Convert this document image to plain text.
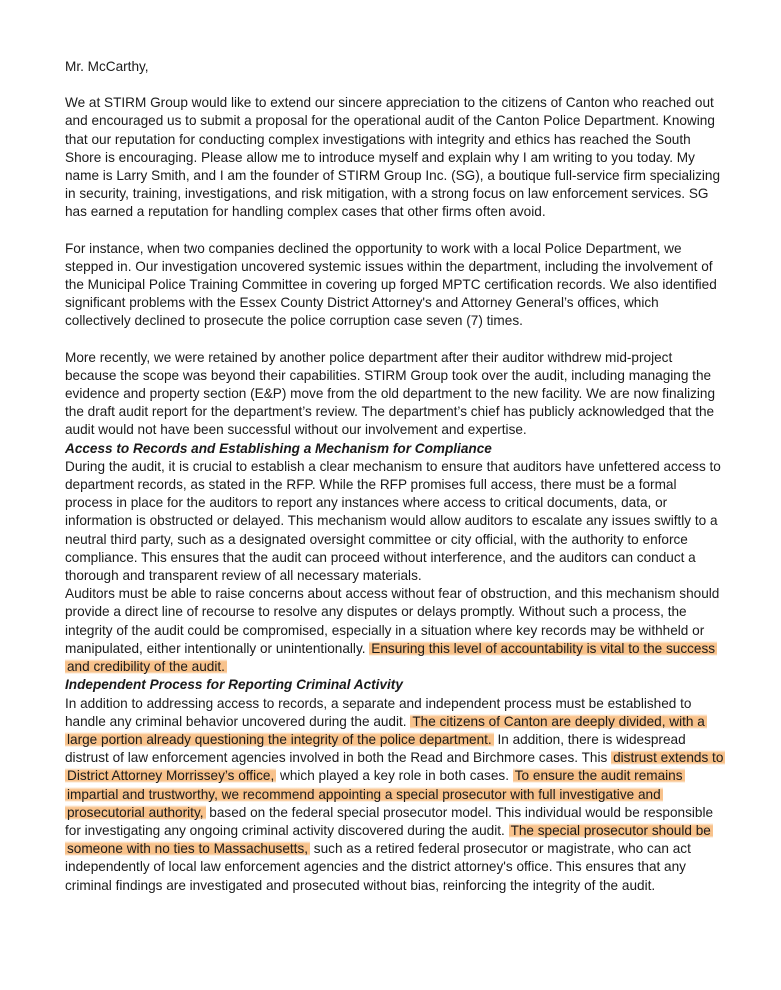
Mr. McCarthy,

We at STIRM Group would like to extend our sincere appreciation to the citizens of Canton who reached out and encouraged us to submit a proposal for the operational audit of the Canton Police Department. Knowing that our reputation for conducting complex investigations with integrity and ethics has reached the South Shore is encouraging. Please allow me to introduce myself and explain why I am writing to you today. My name is Larry Smith, and I am the founder of STIRM Group Inc. (SG), a boutique full-service firm specializing in security, training, investigations, and risk mitigation, with a strong focus on law enforcement services. SG has earned a reputation for handling complex cases that other firms often avoid.

For instance, when two companies declined the opportunity to work with a local Police Department, we stepped in. Our investigation uncovered systemic issues within the department, including the involvement of the Municipal Police Training Committee in covering up forged MPTC certification records. We also identified significant problems with the Essex County District Attorney's and Attorney General’s offices, which collectively declined to prosecute the police corruption case seven (7) times.

More recently, we were retained by another police department after their auditor withdrew mid-project because the scope was beyond their capabilities. STIRM Group took over the audit, including managing the evidence and property section (E&P) move from the old department to the new facility. We are now finalizing the draft audit report for the department’s review. The department’s chief has publicly acknowledged that the audit would not have been successful without our involvement and expertise.

Access to Records and Establishing a Mechanism for Compliance

During the audit, it is crucial to establish a clear mechanism to ensure that auditors have unfettered access to department records, as stated in the RFP. While the RFP promises full access, there must be a formal process in place for the auditors to report any instances where access to critical documents, data, or information is obstructed or delayed. This mechanism would allow auditors to escalate any issues swiftly to a neutral third party, such as a designated oversight committee or city official, with the authority to enforce compliance. This ensures that the audit can proceed without interference, and the auditors can conduct a thorough and transparent review of all necessary materials.

Auditors must be able to raise concerns about access without fear of obstruction, and this mechanism should provide a direct line of recourse to resolve any disputes or delays promptly. Without such a process, the integrity of the audit could be compromised, especially in a situation where key records may be withheld or manipulated, either intentionally or unintentionally. Ensuring this level of accountability is vital to the success and credibility of the audit.

Independent Process for Reporting Criminal Activity

In addition to addressing access to records, a separate and independent process must be established to handle any criminal behavior uncovered during the audit. The citizens of Canton are deeply divided, with a large portion already questioning the integrity of the police department. In addition, there is widespread distrust of law enforcement agencies involved in both the Read and Birchmore cases. This distrust extends to District Attorney Morrissey’s office, which played a key role in both cases. To ensure the audit remains impartial and trustworthy, we recommend appointing a special prosecutor with full investigative and prosecutorial authority, based on the federal special prosecutor model. This individual would be responsible for investigating any ongoing criminal activity discovered during the audit. The special prosecutor should be someone with no ties to Massachusetts, such as a retired federal prosecutor or magistrate, who can act independently of local law enforcement agencies and the district attorney's office. This ensures that any criminal findings are investigated and prosecuted without bias, reinforcing the integrity of the audit.
